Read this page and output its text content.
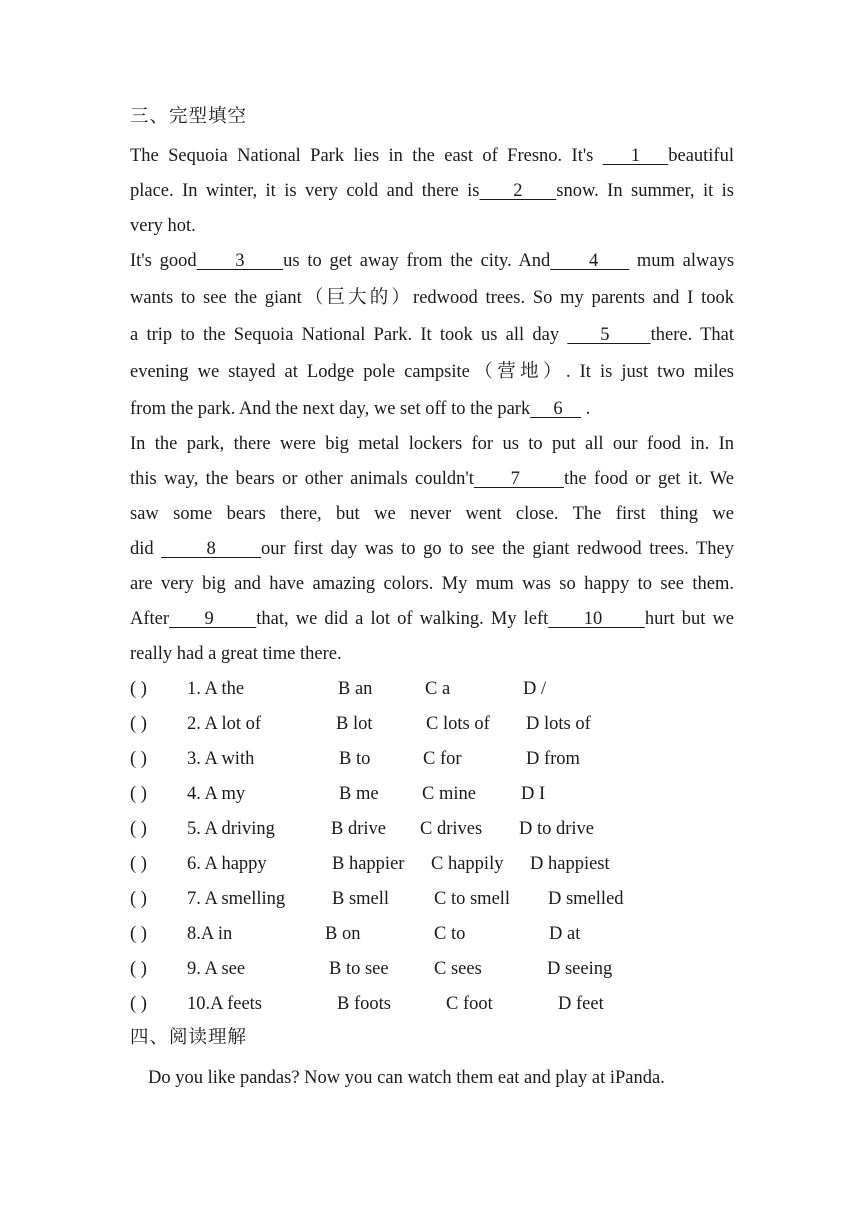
三、完型填空
The Sequoia National Park lies in the east of Fresno. It's    1   beautiful
place. In winter, it is very cold and there is    2    snow. In summer, it is
very hot.
It's good     3     us to get away from the city. And     4     mum always
wants to see the giant（巨大的）redwood trees. So my parents and I took
a trip to the Sequoia National Park. It took us all day     5     there. That
evening we stayed at Lodge pole campsite（营地）. It is just two miles
from the park. And the next day, we set off to the park     6     .
In the park, there were big metal lockers for us to put all our food in. In
this way, the bears or other animals couldn't     7      the food or get it. We
saw some bears there, but we never went close. The first thing we
did       8      our first day was to go to see the giant redwood trees. They
are very big and have amazing colors. My mum was so happy to see them.
After     9      that, we did a lot of walking. My left     10      hurt but we
really had a great time there.
( ) 1. A the	B an	C a	D /
( ) 2. A lot of	B lot	C lots of D lots of
( ) 3. A with	B to	C for	D from
( ) 4. A my	B me C mine D I
( ) 5. A driving	B drive C drives D to drive
( ) 6. A happy	B happier C happily D happiest
( ) 7. A smelling	B smell C to smell D smelled
( ) 8.A in	B on	C to	D at
( ) 9. A see	B to see C sees	D seeing
( ) 10.A feets	B foots	C foot	D feet
四、阅读理解
Do you like pandas? Now you can watch them eat and play at iPanda.
